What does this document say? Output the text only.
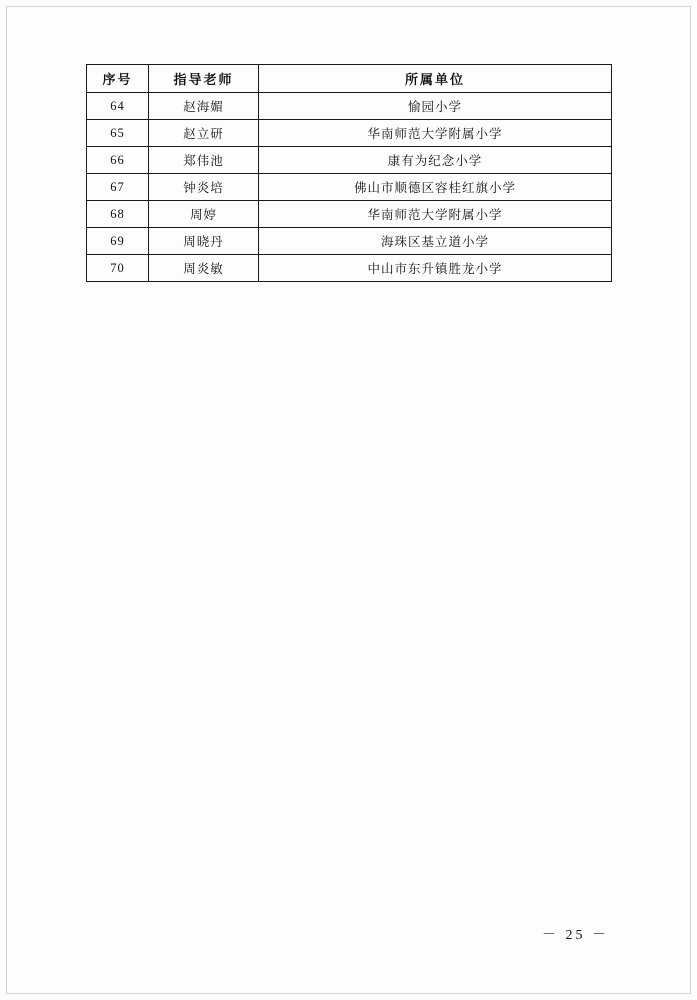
序号	指导老师	所属单位
64	赵海媚	愉园小学
65	赵立研	华南师范大学附属小学
66	郑伟池	康有为纪念小学
67	钟炎培	佛山市顺德区容桂红旗小学
68	周婷	华南师范大学附属小学
69	周晓丹	海珠区基立道小学
70	周炎敏	中山市东升镇胜龙小学
－ 25 －
